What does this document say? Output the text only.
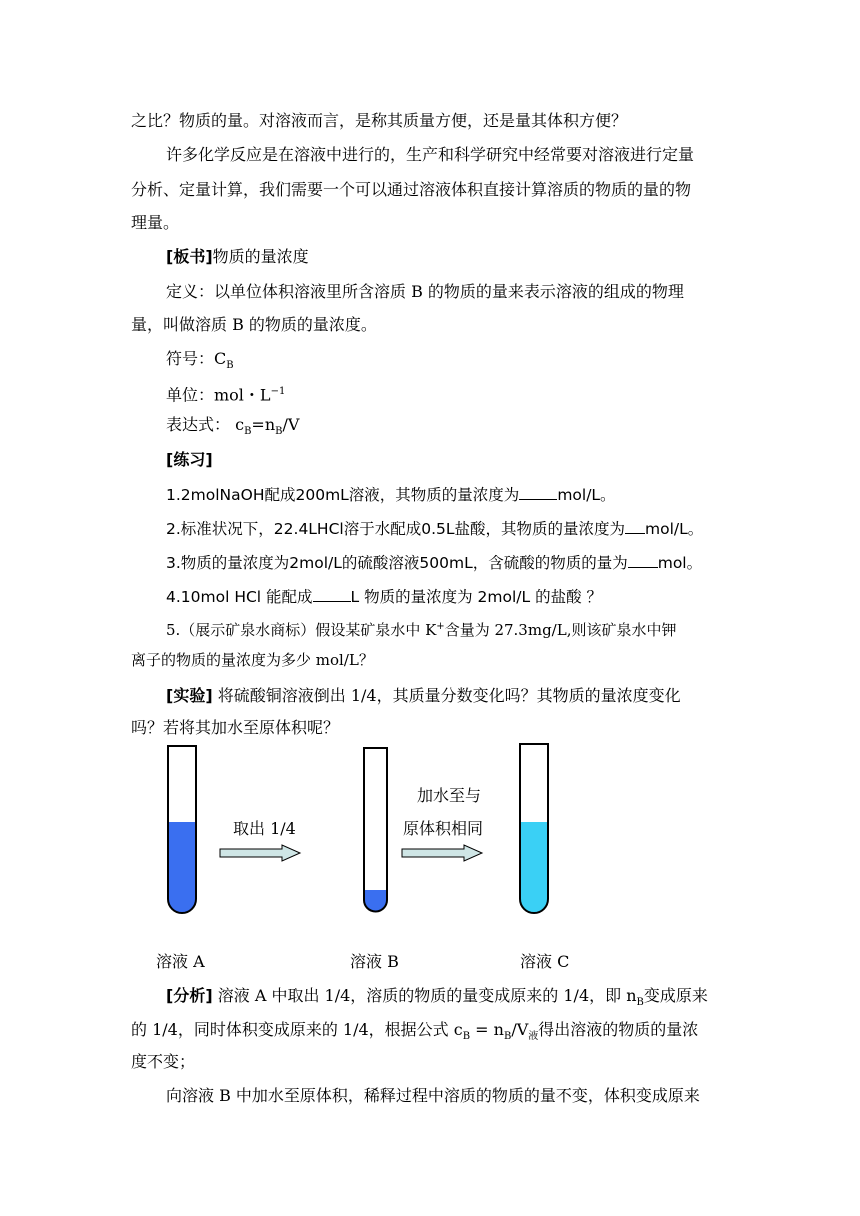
之比？物质的量。对溶液而言，是称其质量方便，还是量其体积方便？
许多化学反应是在溶液中进行的，生产和科学研究中经常要对溶液进行定量
分析、定量计算，我们需要一个可以通过溶液体积直接计算溶质的物质的量的物
理量。
[板书]物质的量浓度
定义：以单位体积溶液里所含溶质 B 的物质的量来表示溶液的组成的物理
量，叫做溶质 B 的物质的量浓度。
符号：$C_B$
单位：mol・$L^{-1}$
表达式： $c_B=n_B/V$
[练习]
1.2molNaOH配成200mL溶液，其物质的量浓度为 mol/L。
2.标准状况下，22.4LHCl溶于水配成0.5L盐酸，其物质的量浓度为 mol/L。
3.物质的量浓度为2mol/L的硫酸溶液500mL，含硫酸的物质的量为 mol。
4.10mol HCl 能配成 L 物质的量浓度为 2mol/L 的盐酸 ？
5.（展示矿泉水商标）假设某矿泉水中 K+含量为 27.3mg/L,则该矿泉水中钾
离子的物质的量浓度为多少 mol/L？
[实验] 将硫酸铜溶液倒出 1/4，其质量分数变化吗？其物质的量浓度变化
吗？若将其加水至原体积呢？
取出 1/4
加水至与
原体积相同
溶液 A	溶液 B	溶液 C
[分析] 溶液 A 中取出 1/4，溶质的物质的量变成原来的 1/4，即 $n_B$变成原来
的 1/4，同时体积变成原来的 1/4，根据公式 $c_B = n_B/V_液$得出溶液的物质的量浓
度不变；
向溶液 B 中加水至原体积，稀释过程中溶质的物质的量不变，体积变成原来
